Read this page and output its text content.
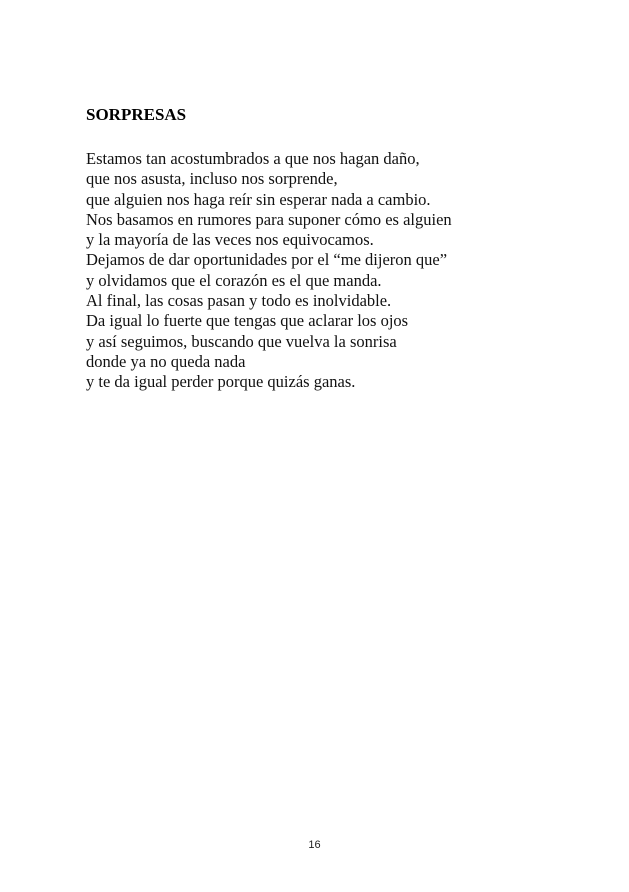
SORPRESAS
Estamos tan acostumbrados a que nos hagan daño,
que nos asusta, incluso nos sorprende,
que alguien nos haga reír sin esperar nada a cambio.
Nos basamos en rumores para suponer cómo es alguien
y la mayoría de las veces nos equivocamos.
Dejamos de dar oportunidades por el “me dijeron que”
y olvidamos que el corazón es el que manda.
Al final, las cosas pasan y todo es inolvidable.
Da igual lo fuerte que tengas que aclarar los ojos
y así seguimos, buscando que vuelva la sonrisa
donde ya no queda nada
y te da igual perder porque quizás ganas.
16
